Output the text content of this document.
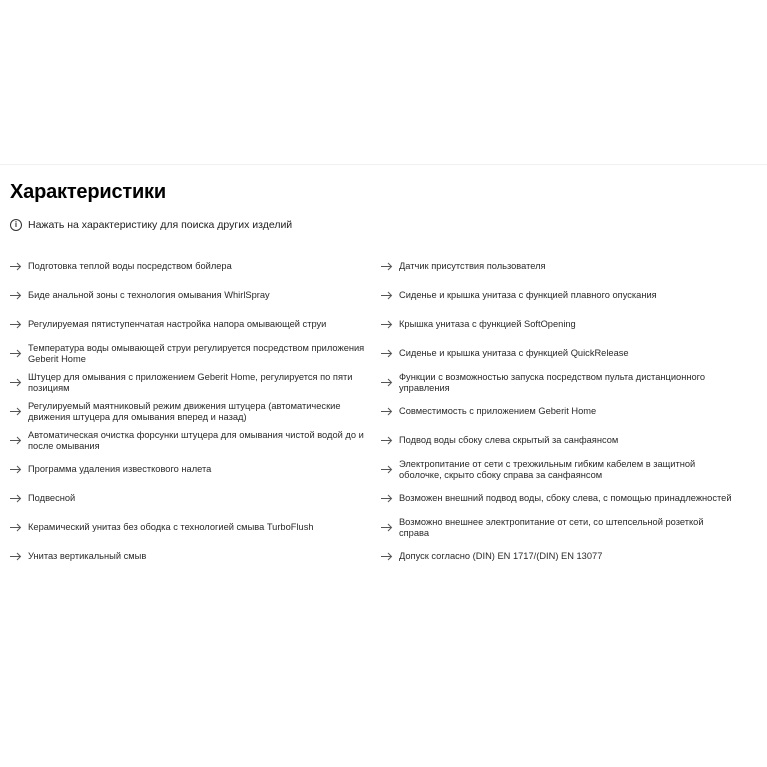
Характеристики
i	Нажать на характеристику для поиска других изделий
Подготовка теплой воды посредством бойлера
Биде анальной зоны с технология омывания WhirlSpray
Регулируемая пятиступенчатая настройка напора омывающей струи
Температура воды омывающей струи регулируется посредством приложения Geberit Home
Штуцер для омывания с приложением Geberit Home, регулируется по пяти позициям
Регулируемый маятниковый режим движения штуцера (автоматические движения штуцера для омывания вперед и назад)
Автоматическая очистка форсунки штуцера для омывания чистой водой до и после омывания
Программа удаления известкового налета
Подвесной
Керамический унитаз без ободка с технологией смыва TurboFlush
Унитаз вертикальный смыв
Датчик присутствия пользователя
Сиденье и крышка унитаза с функцией плавного опускания
Крышка унитаза с функцией SoftOpening
Сиденье и крышка унитаза с функцией QuickRelease
Функции с возможностью запуска посредством пульта дистанционного управления
Совместимость с приложением Geberit Home
Подвод воды сбоку слева скрытый за санфаянсом
Электропитание от сети с трехжильным гибким кабелем в защитной оболочке, скрыто сбоку справа за санфаянсом
Возможен внешний подвод воды, сбоку слева, с помощью принадлежностей
Возможно внешнее электропитание от сети, со штепсельной розеткой справа
Допуск согласно (DIN) EN 1717/(DIN) EN 13077
